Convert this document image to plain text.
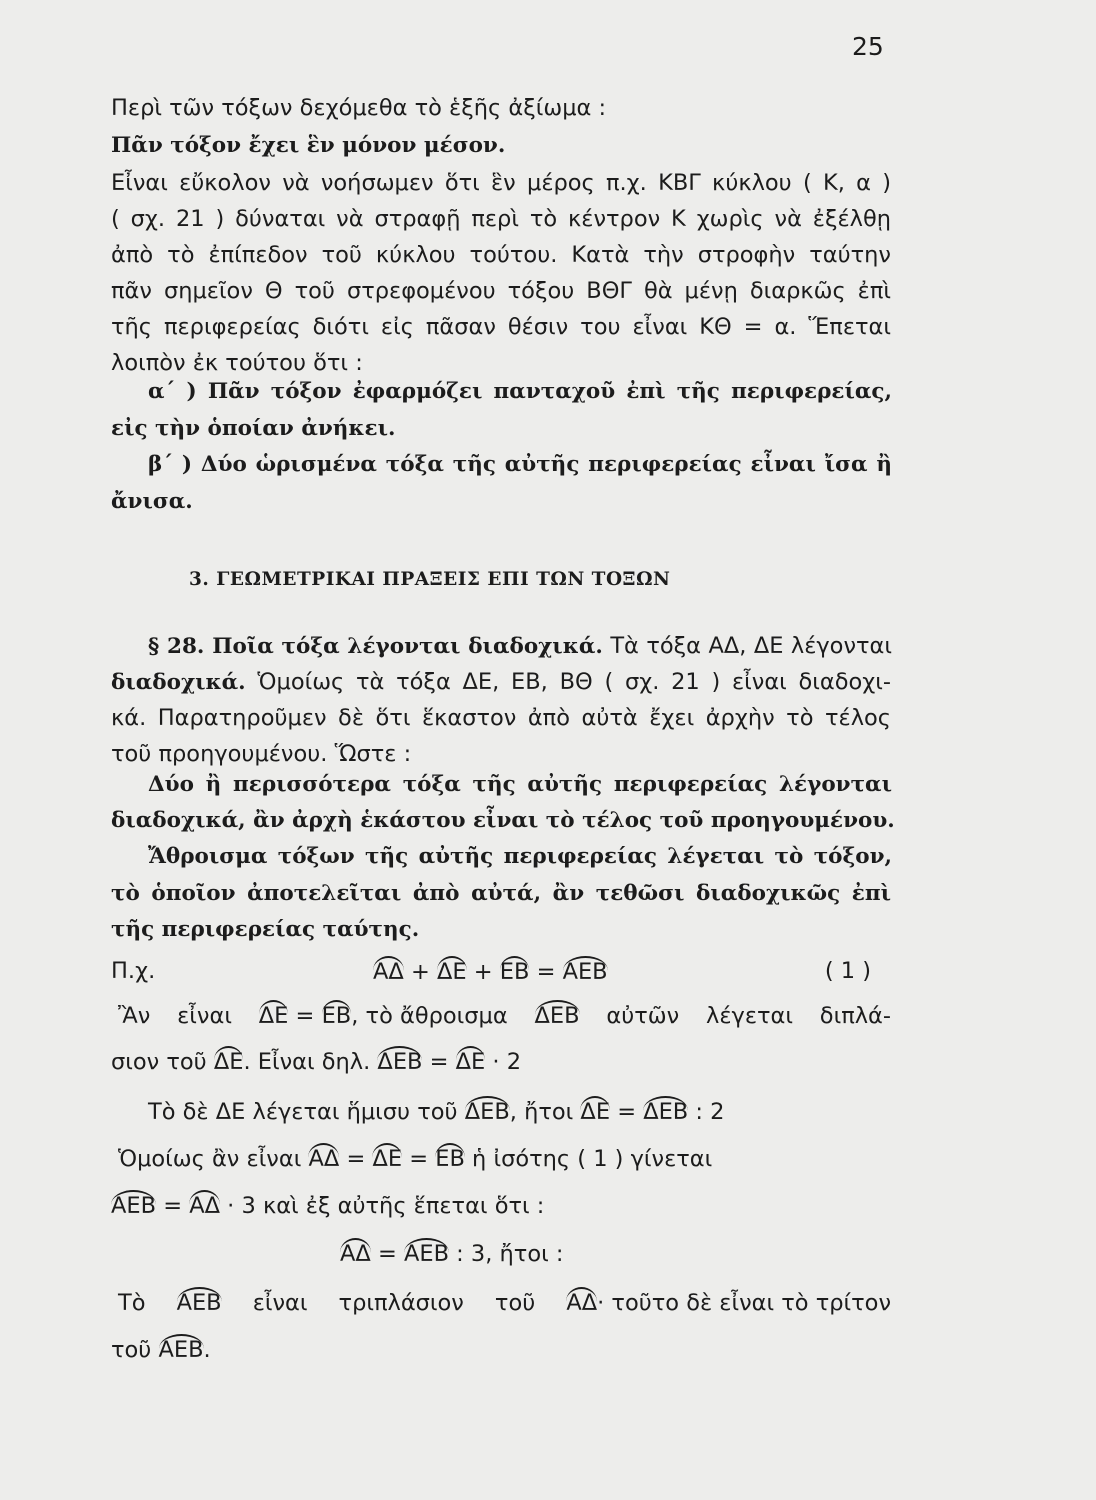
25
Περὶ τῶν τόξων δεχόμεθα τὸ ἑξῆς ἀξίωμα :
Πᾶν τόξον ἔχει ἓν μόνον μέσον.
Εἶναι εὔκολον νὰ νοήσωμεν ὅτι ἓν μέρος π.χ. ΚΒΓ κύκλου ( Κ, α )
( σχ. 21 ) δύναται νὰ στραφῇ περὶ τὸ κέντρον Κ χωρὶς νὰ ἐξέλθῃ
ἀπὸ τὸ ἐπίπεδον τοῦ κύκλου τούτου. Κατὰ τὴν στροφὴν ταύτην
πᾶν σημεῖον Θ τοῦ στρεφομένου τόξου ΒΘΓ θὰ μένῃ διαρκῶς ἐπὶ
τῆς περιφερείας διότι εἰς πᾶσαν θέσιν του εἶναι ΚΘ = α. Ἕπεται
λοιπὸν ἐκ τούτου ὅτι :
α΄ ) Πᾶν τόξον ἐφαρμόζει πανταχοῦ ἐπὶ τῆς περιφερείας,
εἰς τὴν ὁποίαν ἀνήκει.
β΄ ) Δύο ὡρισμένα τόξα τῆς αὐτῆς περιφερείας εἶναι ἴσα ἢ
ἄνισα.
3. ΓΕΩΜΕΤΡΙΚΑΙ ΠΡΑΞΕΙΣ ΕΠΙ ΤΩΝ ΤΟΞΩΝ
§ 28. Ποῖα τόξα λέγονται διαδοχικά. Τὰ τόξα ΑΔ, ΔΕ λέγονται
διαδοχικά. Ὁμοίως τὰ τόξα ΔΕ, ΕΒ, ΒΘ ( σχ. 21 ) εἶναι διαδοχι-
κά. Παρατηροῦμεν δὲ ὅτι ἕκαστον ἀπὸ αὐτὰ ἔχει ἀρχὴν τὸ τέλος
τοῦ προηγουμένου. Ὥστε :
Δύο ἢ περισσότερα τόξα τῆς αὐτῆς περιφερείας λέγονται
διαδοχικά, ἂν ἀρχὴ ἑκάστου εἶναι τὸ τέλος τοῦ προηγουμένου.
Ἄθροισμα τόξων τῆς αὐτῆς περιφερείας λέγεται τὸ τόξον,
τὸ ὁποῖον ἀποτελεῖται ἀπὸ αὐτά, ἂν τεθῶσι διαδοχικῶς ἐπὶ
τῆς περιφερείας ταύτης.
Π.χ.	ΑΔ + ΔΕ + ΕΒ = ΑΕΒ	( 1 )
Ἂν εἶναι ΔΕ = ΕΒ, τὸ ἄθροισμα ΔΕΒ αὐτῶν λέγεται διπλά-
σιον τοῦ ΔΕ. Εἶναι δηλ. ΔΕΒ = ΔΕ · 2
Τὸ δὲ ΔΕ λέγεται ἥμισυ τοῦ ΔΕΒ, ἤτοι ΔΕ = ΔΕΒ : 2
Ὁμοίως ἂν εἶναι ΑΔ = ΔΕ = ΕΒ ἡ ἰσότης ( 1 ) γίνεται
ΑΕΒ = ΑΔ · 3 καὶ ἐξ αὐτῆς ἕπεται ὅτι :
ΑΔ = ΑΕΒ : 3, ἤτοι :
Τὸ ΑΕΒ εἶναι τριπλάσιον τοῦ ΑΔ· τοῦτο δὲ εἶναι τὸ τρίτον
τοῦ ΑΕΒ.
